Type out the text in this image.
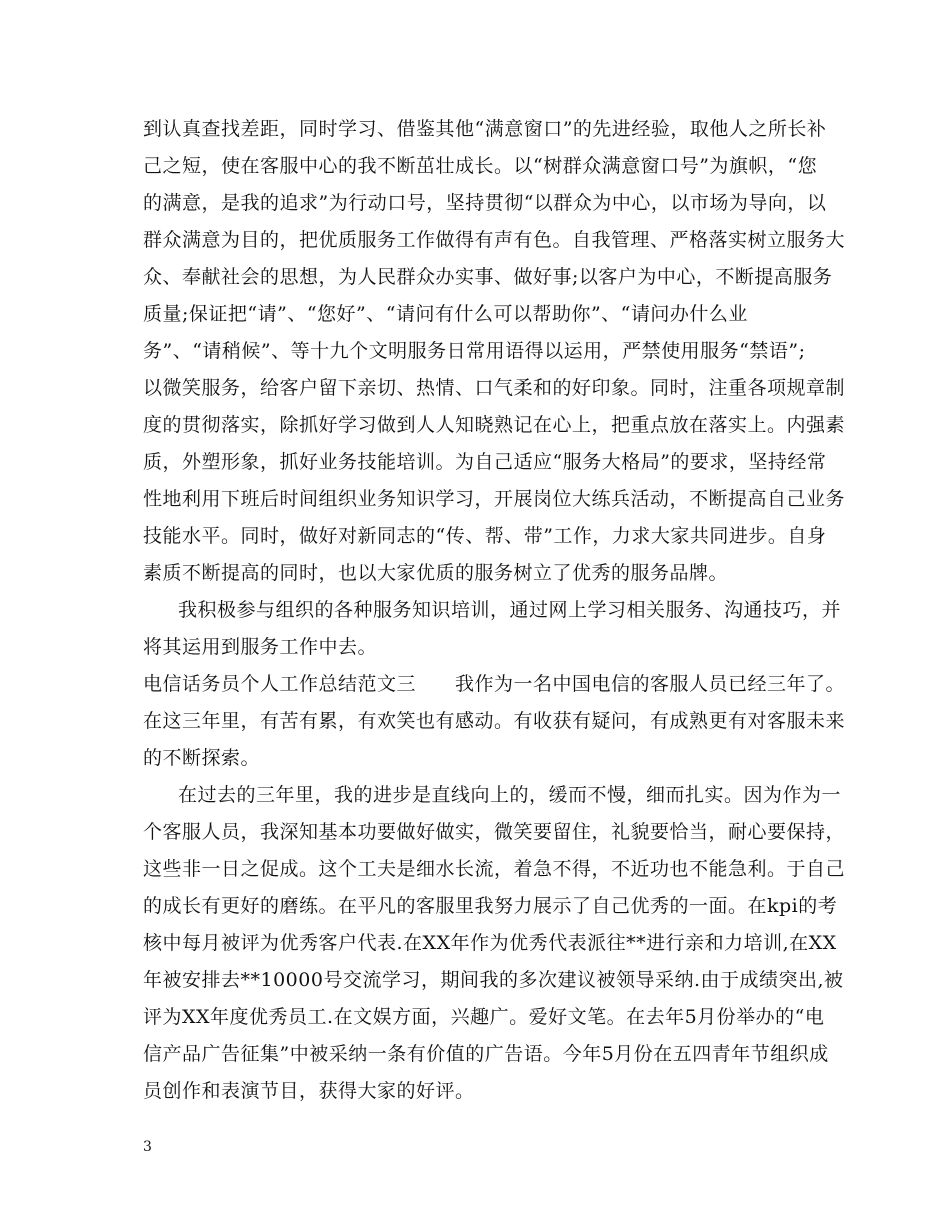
到认真查找差距，同时学习、借鉴其他“满意窗口”的先进经验，取他人之所长补
己之短，使在客服中心的我不断茁壮成长。以“树群众满意窗口号”为旗帜，“您
的满意，是我的追求”为行动口号，坚持贯彻“以群众为中心，以市场为导向，以
群众满意为目的，把优质服务工作做得有声有色。自我管理、严格落实树立服务大
众、奉献社会的思想，为人民群众办实事、做好事;以客户为中心，不断提高服务
质量;保证把“请”、“您好”、“请问有什么可以帮助你”、“请问办什么业
务”、“请稍候”、等十九个文明服务日常用语得以运用，严禁使用服务“禁语”;
以微笑服务，给客户留下亲切、热情、口气柔和的好印象。同时，注重各项规章制
度的贯彻落实，除抓好学习做到人人知晓熟记在心上，把重点放在落实上。内强素
质，外塑形象，抓好业务技能培训。为自己适应“服务大格局”的要求，坚持经常
性地利用下班后时间组织业务知识学习，开展岗位大练兵活动，不断提高自己业务
技能水平。同时，做好对新同志的“传、帮、带”工作，力求大家共同进步。自身
素质不断提高的同时，也以大家优质的服务树立了优秀的服务品牌。
我积极参与组织的各种服务知识培训，通过网上学习相关服务、沟通技巧，并
将其运用到服务工作中去。
电信话务员个人工作总结范文三　　我作为一名中国电信的客服人员已经三年了。
在这三年里，有苦有累，有欢笑也有感动。有收获有疑问，有成熟更有对客服未来
的不断探索。
在过去的三年里，我的进步是直线向上的，缓而不慢，细而扎实。因为作为一
个客服人员，我深知基本功要做好做实，微笑要留住，礼貌要恰当，耐心要保持，
这些非一日之促成。这个工夫是细水长流，着急不得，不近功也不能急利。于自己
的成长有更好的磨练。在平凡的客服里我努力展示了自己优秀的一面。在kpi的考
核中每月被评为优秀客户代表.在XX年作为优秀代表派往**进行亲和力培训,在XX
年被安排去**10000号交流学习，期间我的多次建议被领导采纳.由于成绩突出,被
评为XX年度优秀员工.在文娱方面，兴趣广。爱好文笔。在去年5月份举办的“电
信产品广告征集”中被采纳一条有价值的广告语。今年5月份在五四青年节组织成
员创作和表演节目，获得大家的好评。
3
